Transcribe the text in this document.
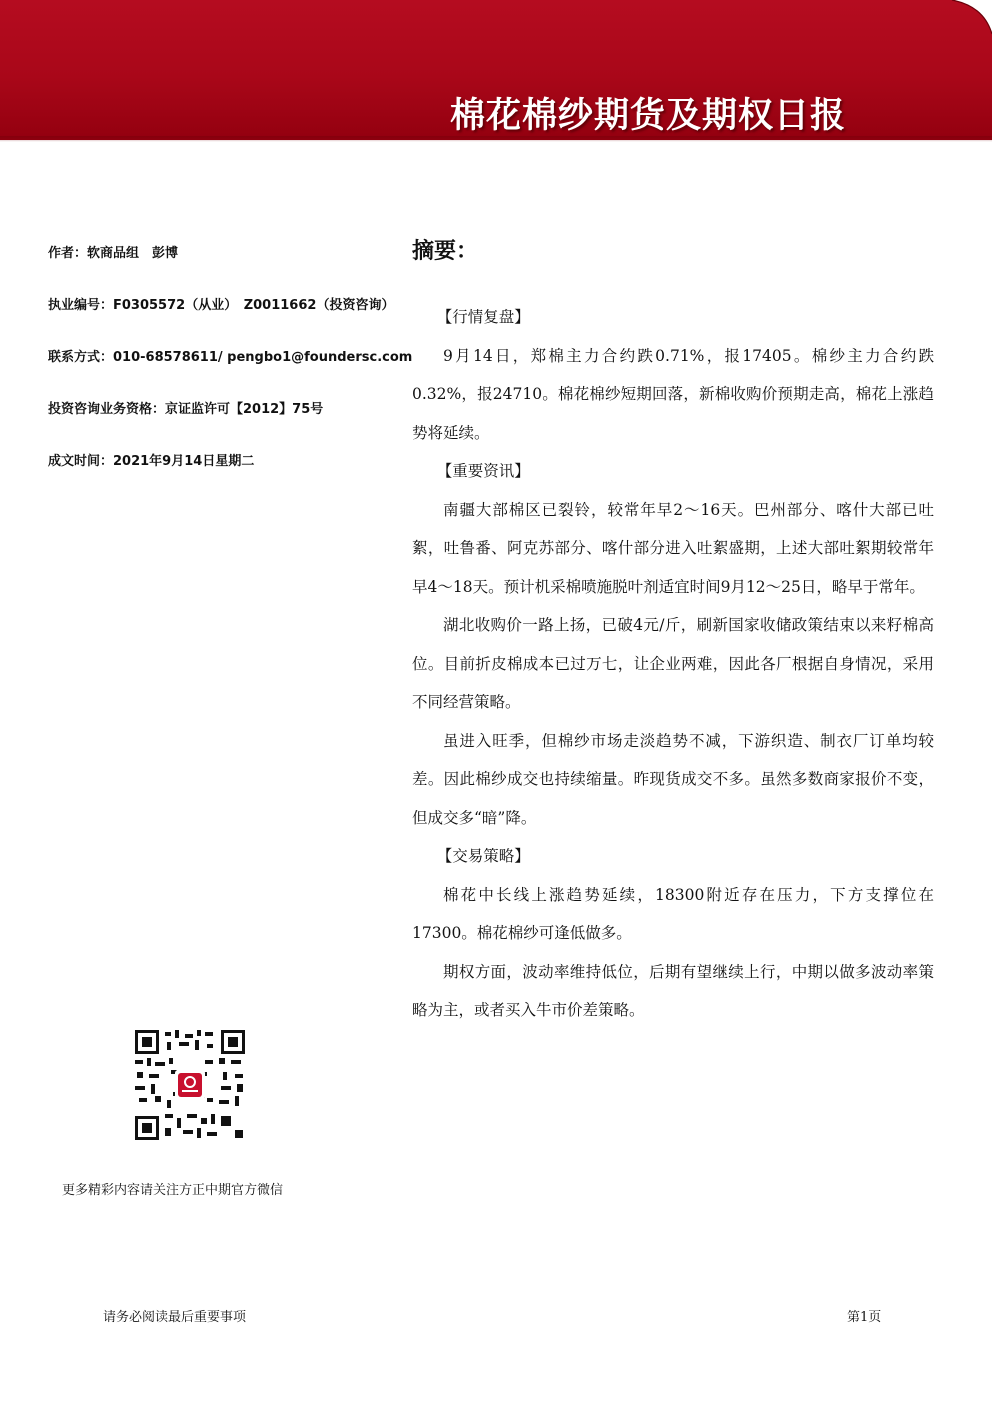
棉花棉纱期货及期权日报
作者：软商品组　彭博
执业编号：F0305572（从业）　Z0011662（投资咨询）
联系方式：010-68578611/ pengbo1@foundersc.com
投资咨询业务资格：京证监许可【2012】75号
成文时间：2021年9月14日星期二
更多精彩内容请关注方正中期官方微信
摘要：

【行情复盘】

9月14日，郑棉主力合约跌0.71%，报17405。棉纱主力合约跌0.32%，报24710。棉花棉纱短期回落，新棉收购价预期走高，棉花上涨趋势将延续。

【重要资讯】

南疆大部棉区已裂铃，较常年早2～16天。巴州部分、喀什大部已吐絮，吐鲁番、阿克苏部分、喀什部分进入吐絮盛期，上述大部吐絮期较常年早4～18天。预计机采棉喷施脱叶剂适宜时间9月12～25日，略早于常年。

湖北收购价一路上扬，已破4元/斤，刷新国家收储政策结束以来籽棉高位。目前折皮棉成本已过万七，让企业两难，因此各厂根据自身情况，采用不同经营策略。

虽进入旺季，但棉纱市场走淡趋势不减，下游织造、制衣厂订单均较差。因此棉纱成交也持续缩量。昨现货成交不多。虽然多数商家报价不变，但成交多“暗”降。

【交易策略】

棉花中长线上涨趋势延续，18300附近存在压力，下方支撑位在17300。棉花棉纱可逢低做多。

期权方面，波动率维持低位，后期有望继续上行，中期以做多波动率策略为主，或者买入牛市价差策略。

请务必阅读最后重要事项	第1页
